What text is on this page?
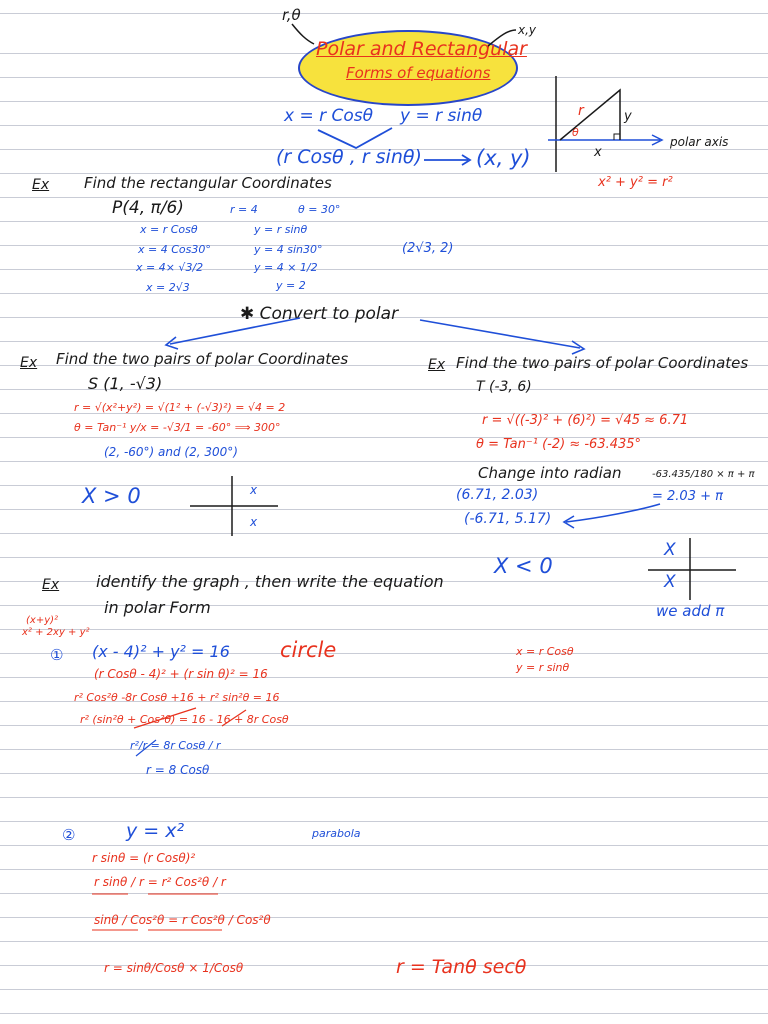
r,θ
x,y
Polar and Rectangular
Forms of equations
x = r Cosθ y = r sinθ
(r Cosθ , r sinθ)	(x, y)
r
θ
y
x
polar axis
x² + y² = r²
Ex Find the rectangular Coordinates
P(4, π/6)	r = 4	θ = 30°
x = r Cosθ
x = 4 Cos30°
x = 4× √3/2
x = 2√3
y = r sinθ
y = 4 sin30°
y = 4 × 1/2
y = 2
(2√3, 2)
✱ Convert to polar
Ex Find the two pairs of polar Coordinates
S (1, -√3)
r = √(x²+y²) = √(1² + (-√3)²) = √4 = 2
θ = Tan⁻¹ y/x = -√3/1 = -60° ⟹ 300°
(2, -60°) and (2, 300°)
X > 0	x
x
Ex Find the two pairs of polar Coordinates
T (-3, 6)
r = √((-3)² + (6)²) = √45 ≈ 6.71
θ = Tan⁻¹ (-2) ≈ -63.435°
Change into radian	-63.435/180 × π + π
= 2.03 + π
(6.71, 2.03)
(-6.71, 5.17)
X < 0
X
X
we add π
Ex identify the graph , then write the equation
in polar Form
(x+y)²
x² + 2xy + y²
① (x - 4)² + y² = 16 circle
(r Cosθ - 4)² + (r sin θ)² = 16
r² Cos²θ -8r Cosθ +16 + r² sin²θ = 16
r² (sin²θ + Cos²θ) = 16 - 16 + 8r Cosθ
r²/r = 8r Cosθ / r
r = 8 Cosθ
x = r Cosθ
y = r sinθ
②	y = x²	parabola
r sinθ = (r Cosθ)²
r sinθ / r = r² Cos²θ / r
sinθ / Cos²θ = r Cos²θ / Cos²θ
r = sinθ/Cosθ × 1/Cosθ	r = Tanθ secθ
